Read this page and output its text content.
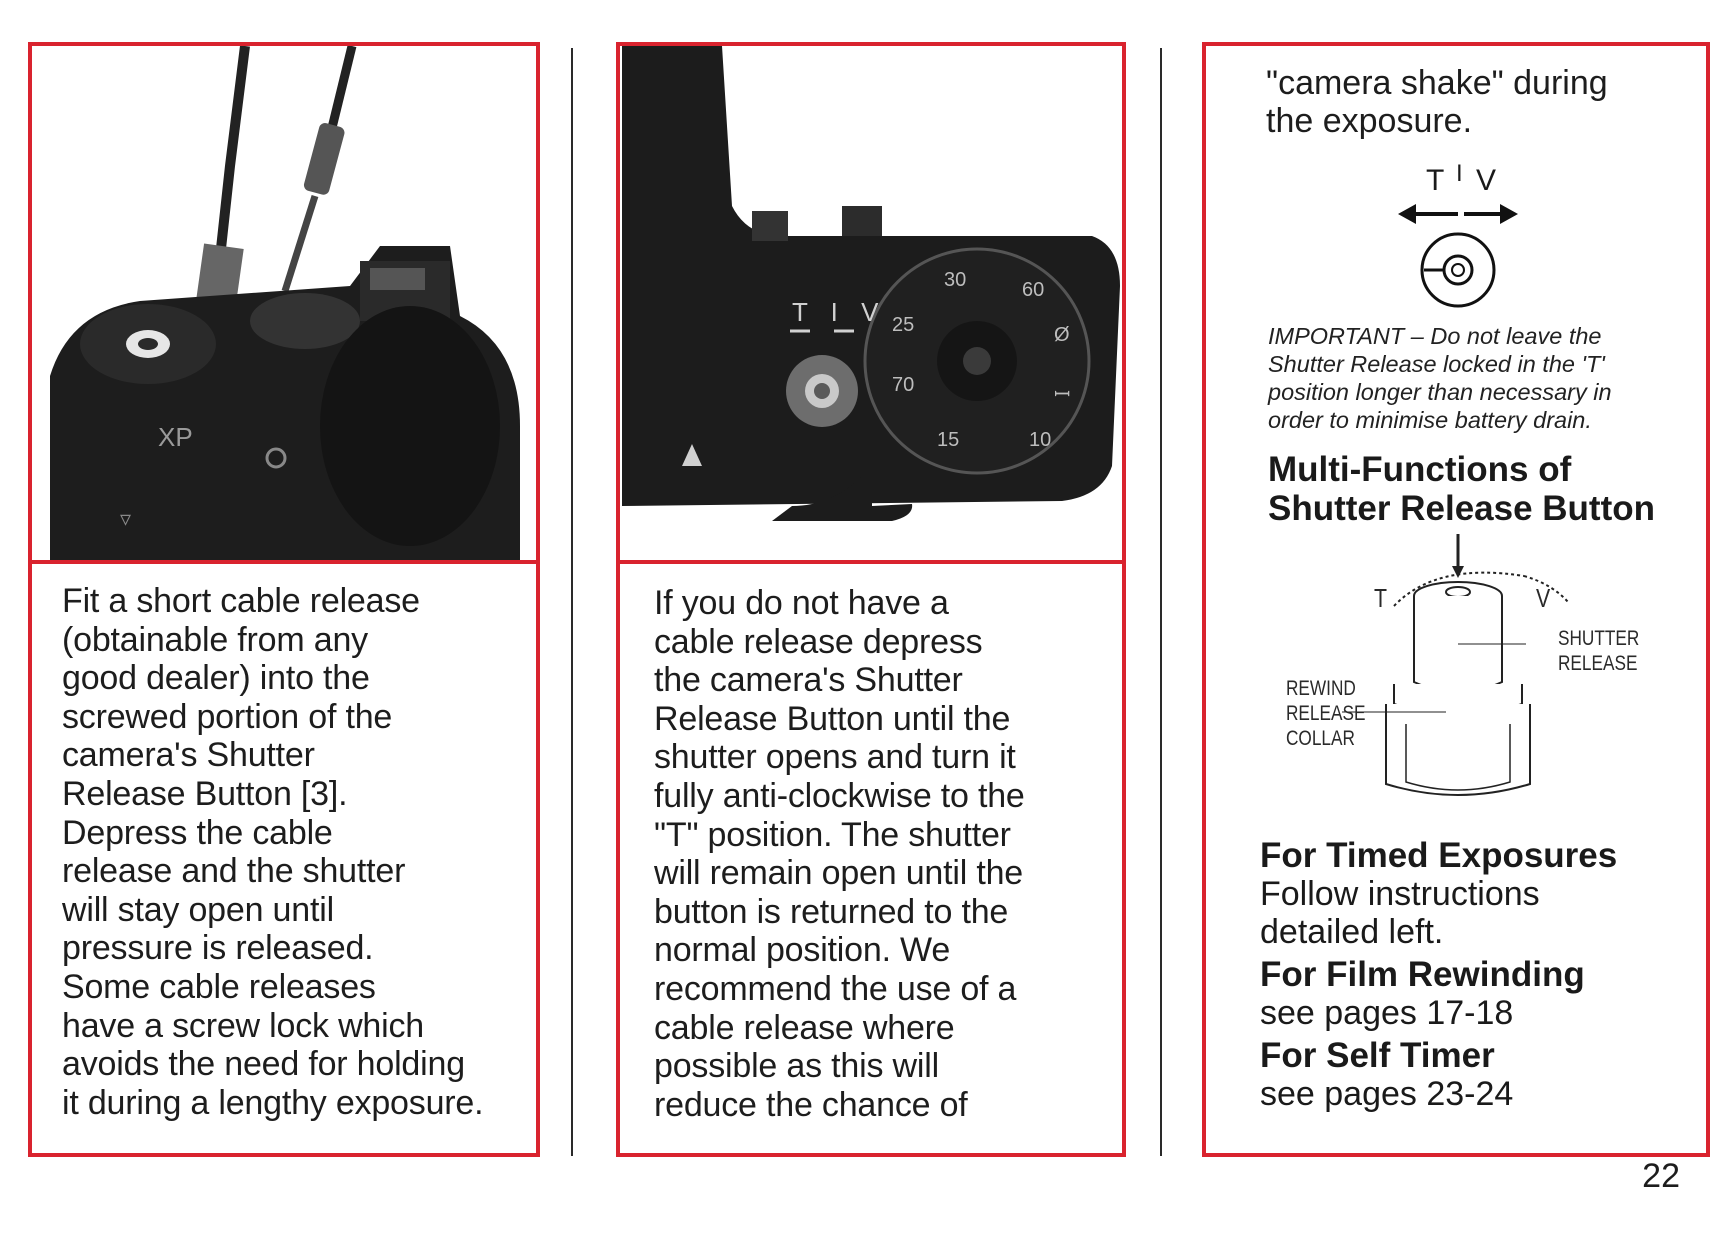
XP
▿
Fit a short cable release
(obtainable from any
good dealer) into the
screwed portion of the
camera's Shutter
Release Button [3].
Depress the cable
release and the shutter
will stay open until
pressure is released.
Some cable releases
have a screw lock which
avoids the need for holding
it during a lengthy exposure.
30	60
Ø
ꟷ
10
15
70
25
T I V
If you do not have a
cable release depress
the camera's Shutter
Release Button until the
shutter opens and turn it
fully anti-clockwise to the
"T" position. The shutter
will remain open until the
button is returned to the
normal position. We
recommend the use of a
cable release where
possible as this will
reduce the chance of
"camera shake" during
the exposure.
T I V
IMPORTANT – Do not leave the
Shutter Release locked in the 'T'
position longer than necessary in
order to minimise battery drain.
Multi-Functions of
Shutter Release Button
T	V
SHUTTER
RELEASE
REWIND
RELEASE
COLLAR
For Timed Exposures
Follow instructions
detailed left.
For Film Rewinding
see pages 17-18
For Self Timer
see pages 23-24
22
